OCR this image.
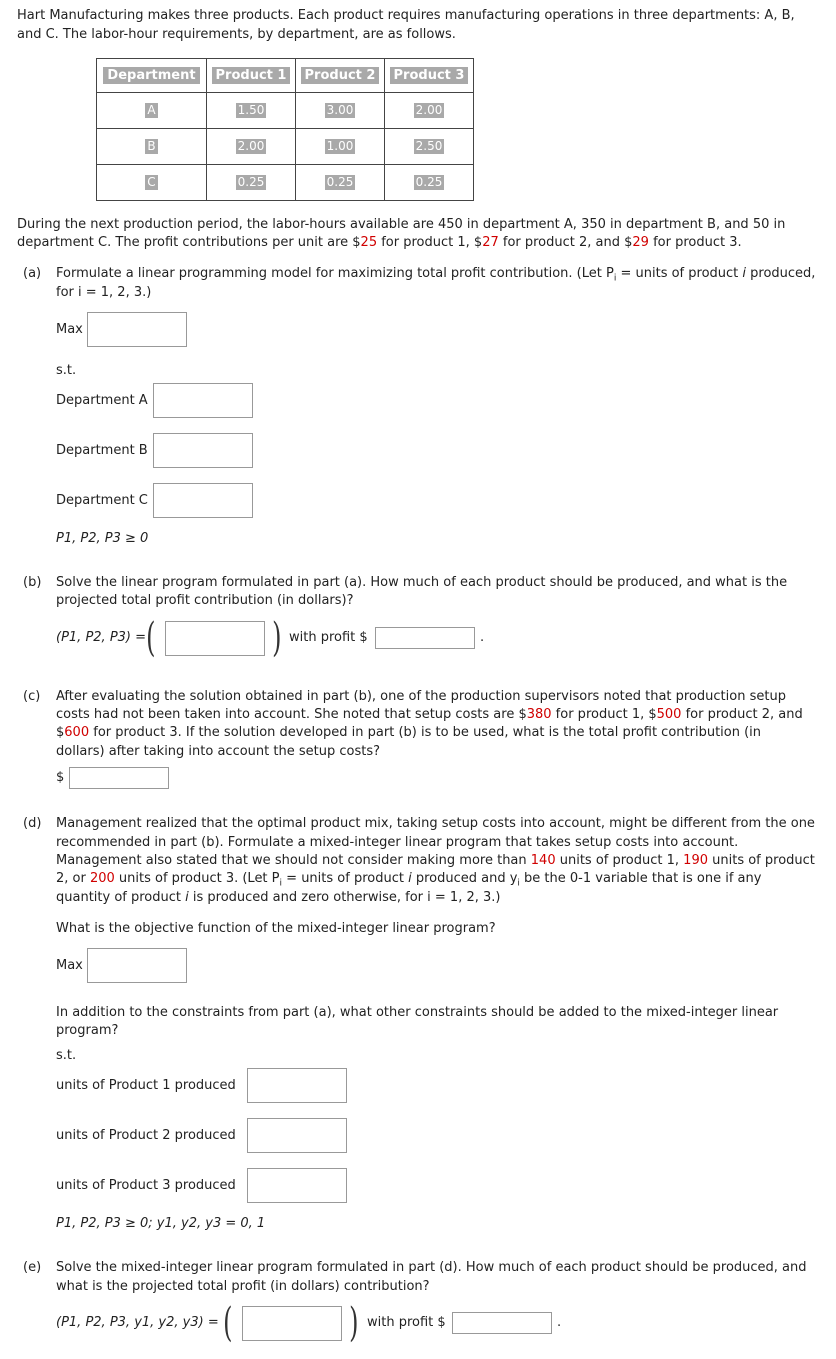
Hart Manufacturing makes three products. Each product requires manufacturing operations in three departments: A, B,
and C. The labor-hour requirements, by department, are as follows.
Department	Product 1	Product 2	Product 3
A	1.50	3.00	2.00
B	2.00	1.00	2.50
C	0.25	0.25	0.25
During the next production period, the labor-hours available are 450 in department A, 350 in department B, and 50 in
department C. The profit contributions per unit are $25 for product 1, $27 for product 2, and $29 for product 3.
(a) Formulate a linear programming model for maximizing total profit contribution. (Let $P_i$ = units of product i produced,
for i = 1, 2, 3.)
Max
s.t.
Department A
Department B
Department C
P1, P2, P3 ≥ 0
(b) Solve the linear program formulated in part (a). How much of each product should be produced, and what is the
projected total profit contribution (in dollars)?
(P1, P2, P3) = (	) with profit $	.
(c) After evaluating the solution obtained in part (b), one of the production supervisors noted that production setup
costs had not been taken into account. She noted that setup costs are $380 for product 1, $500 for product 2, and
$600 for product 3. If the solution developed in part (b) is to be used, what is the total profit contribution (in
dollars) after taking into account the setup costs?
$
(d) Management realized that the optimal product mix, taking setup costs into account, might be different from the one
recommended in part (b). Formulate a mixed-integer linear program that takes setup costs into account.
Management also stated that we should not consider making more than 140 units of product 1, 190 units of product
2, or 200 units of product 3. (Let $P_i$ = units of product i produced and $y_i$ be the 0-1 variable that is one if any
quantity of product i is produced and zero otherwise, for i = 1, 2, 3.)
What is the objective function of the mixed-integer linear program?
Max
In addition to the constraints from part (a), what other constraints should be added to the mixed-integer linear
program?
s.t.
units of Product 1 produced
units of Product 2 produced
units of Product 3 produced
P1, P2, P3 ≥ 0; y1, y2, y3 = 0, 1
(e) Solve the mixed-integer linear program formulated in part (d). How much of each product should be produced, and
what is the projected total profit (in dollars) contribution?
(P1, P2, P3, y1, y2, y3) = (	) with profit $	.
